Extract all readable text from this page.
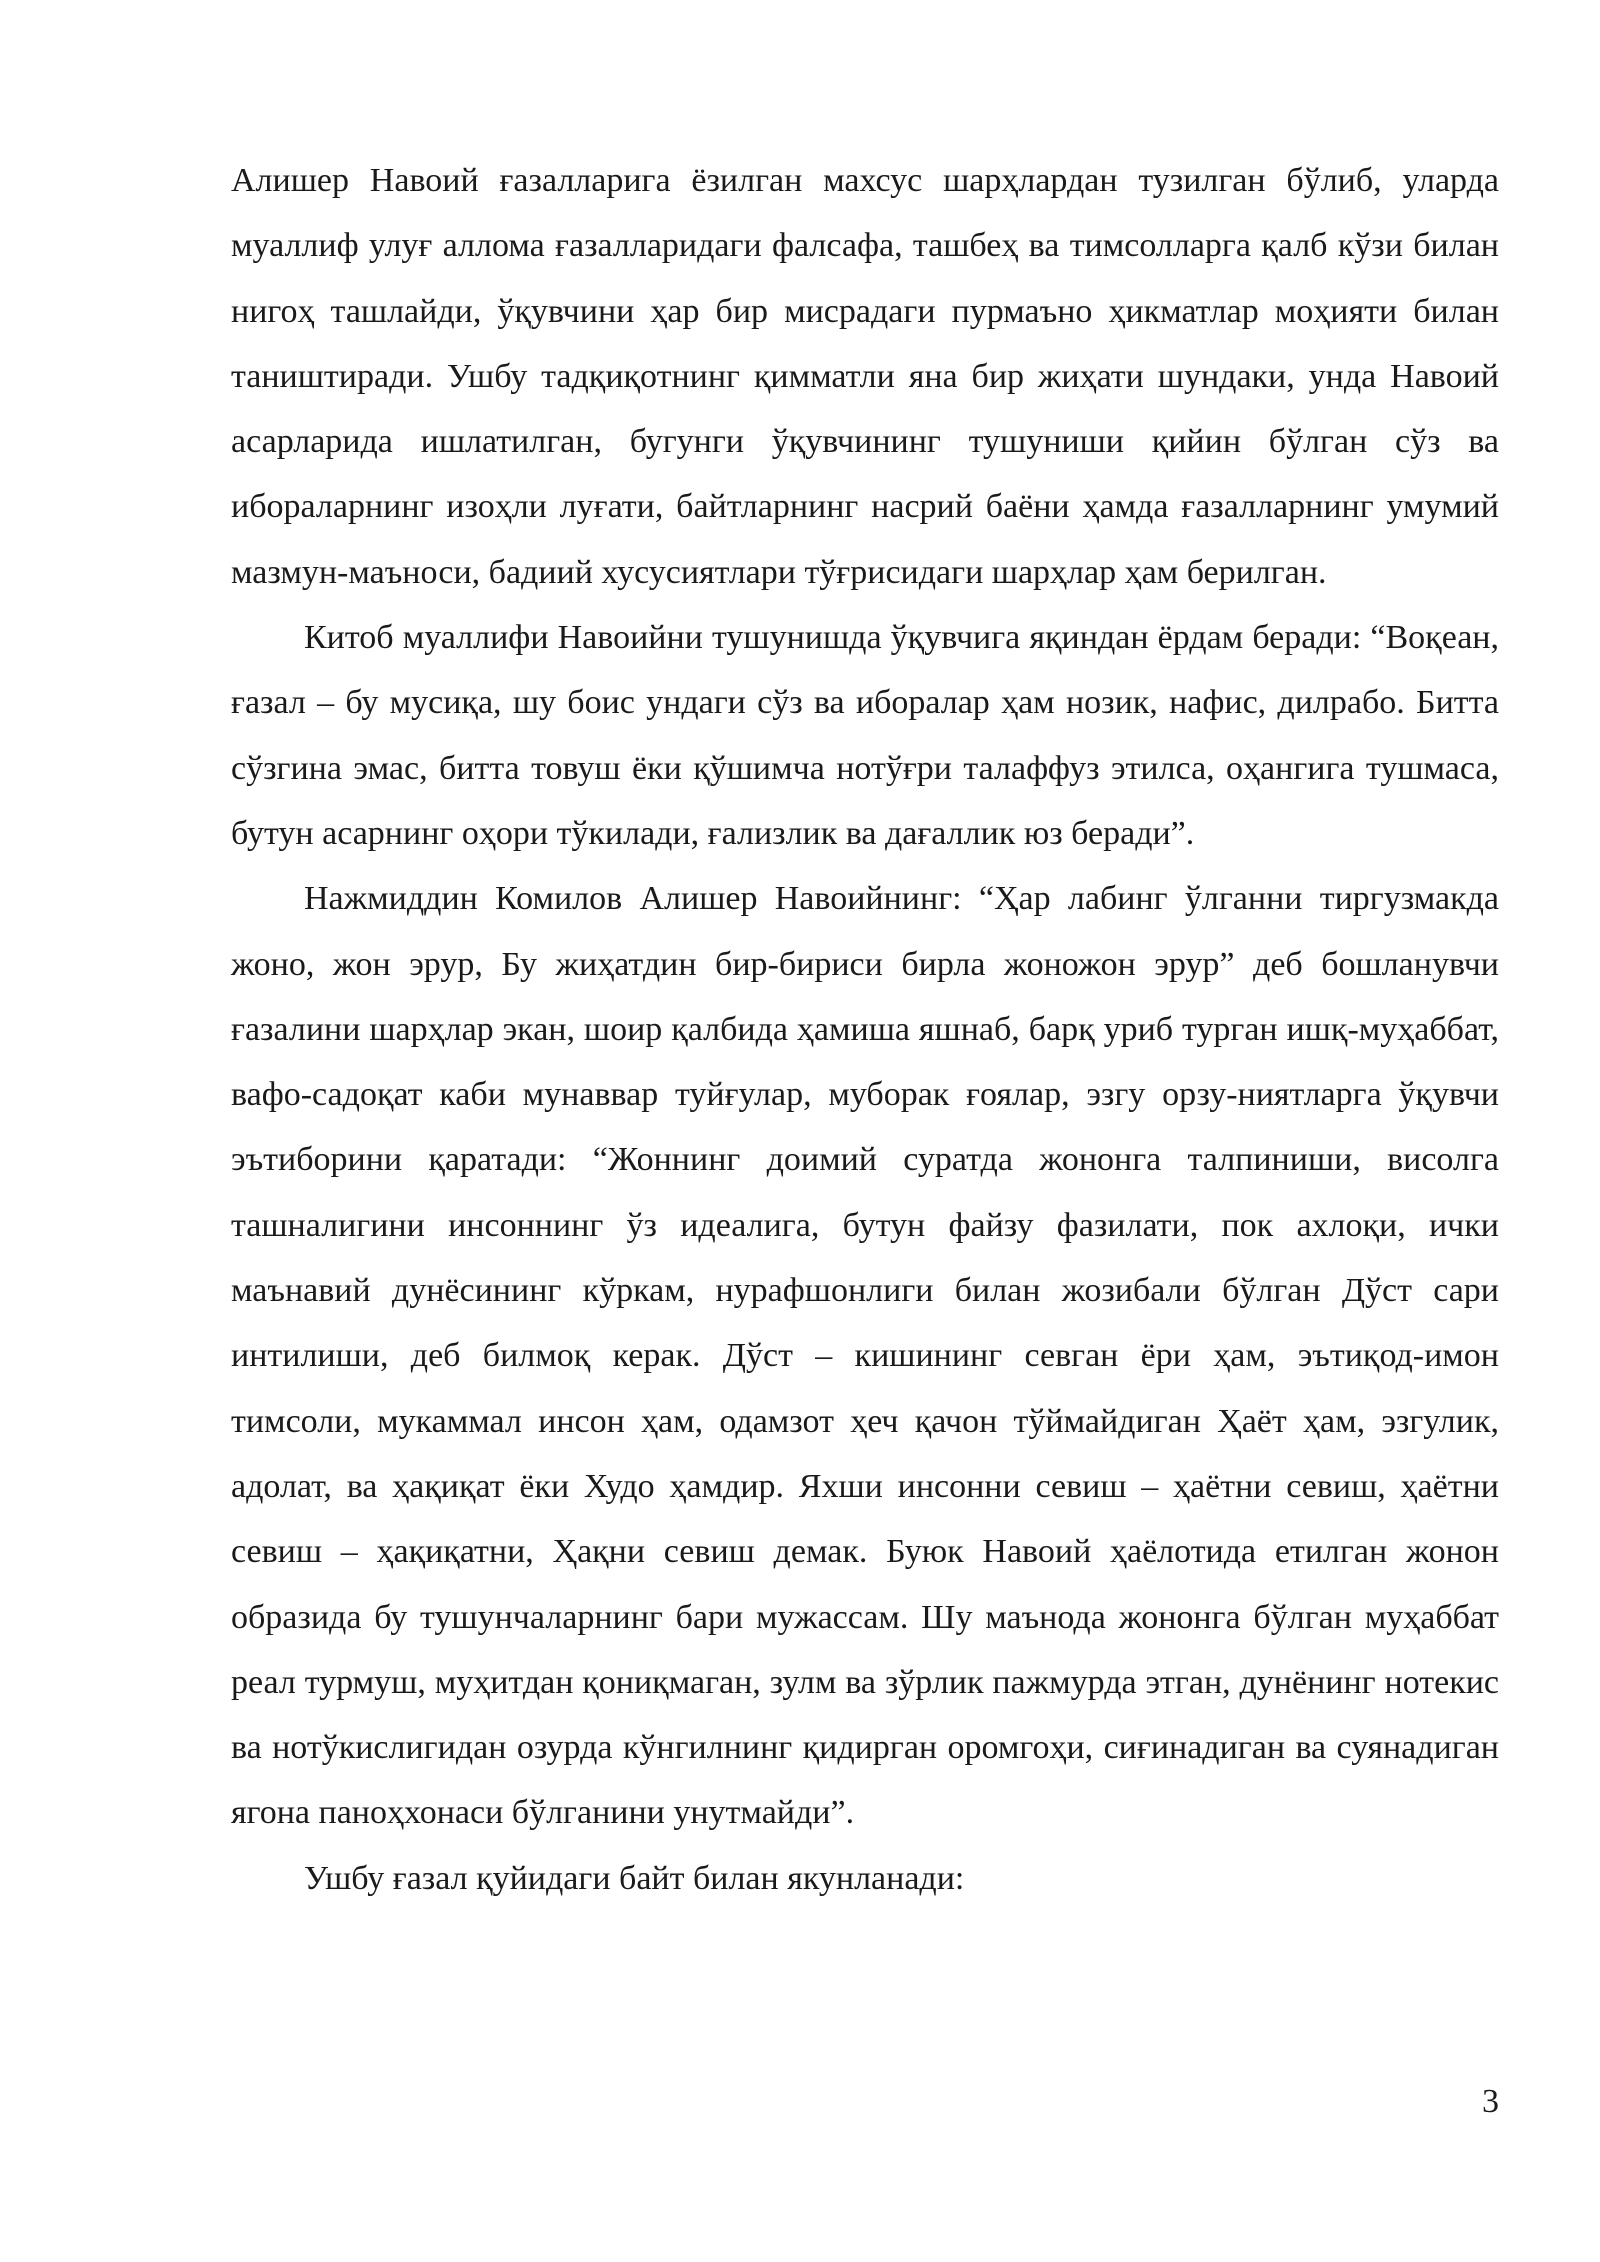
Алишер Навоий ғазалларига ёзилган махсус шарҳлардан тузилган бўлиб, уларда муаллиф улуғ аллома ғазалларидаги фалсафа, ташбеҳ ва тимсолларга қалб кўзи билан нигоҳ ташлайди, ўқувчини ҳар бир мисрадаги пурмаъно ҳикматлар моҳияти билан таништиради. Ушбу тадқиқотнинг қимматли яна бир жиҳати шундаки, унда Навоий асарларида ишлатилган, бугунги ўқувчининг тушуниши қийин бўлган сўз ва ибораларнинг изоҳли луғати, байтларнинг насрий баёни ҳамда ғазалларнинг умумий мазмун-маъноси, бадиий хусусиятлари тўғрисидаги шарҳлар ҳам берилган.

Китоб муаллифи Навоийни тушунишда ўқувчига яқиндан ёрдам беради: “Воқеан, ғазал – бу мусиқа, шу боис ундаги сўз ва иборалар ҳам нозик, нафис, дилрабо. Битта сўзгина эмас, битта товуш ёки қўшимча нотўғри талаффуз этилса, оҳангига тушмаса, бутун асарнинг оҳори тўкилади, ғализлик ва дағаллик юз беради”.

Нажмиддин Комилов Алишер Навоийнинг: “Ҳар лабинг ўлганни тиргузмакда жоно, жон эрур, Бу жиҳатдин бир-бириси бирла жоножон эрур” деб бошланувчи ғазалини шарҳлар экан, шоир қалбида ҳамиша яшнаб, барқ уриб турган ишқ-муҳаббат, вафо-садоқат каби мунаввар туйғулар, муборак ғоялар, эзгу орзу-ниятларга ўқувчи эътиборини қаратади: “Жоннинг доимий суратда жононга талпиниши, висолга ташналигини инсоннинг ўз идеалига, бутун файзу фазилати, пок ахлоқи, ички маънавий дунёсининг кўркам, нурафшонлиги билан жозибали бўлган Дўст сари интилиши, деб билмоқ керак. Дўст – кишининг севган ёри ҳам, эътиқод-имон тимсоли, мукаммал инсон ҳам, одамзот ҳеч қачон тўймайдиган Ҳаёт ҳам, эзгулик, адолат, ва ҳақиқат ёки Худо ҳамдир. Яхши инсонни севиш – ҳаётни севиш, ҳаётни севиш – ҳақиқатни, Ҳақни севиш демак. Буюк Навоий ҳаёлотида етилган жонон образида бу тушунчаларнинг бари мужассам. Шу маънода жононга бўлган муҳаббат реал турмуш, муҳитдан қониқмаган, зулм ва зўрлик пажмурда этган, дунёнинг нотекис ва нотўкислигидан озурда кўнгилнинг қидирган оромгоҳи, сиғинадиган ва суянадиган ягона паноҳхонаси бўлганини унутмайди”.

Ушбу ғазал қуйидаги байт билан якунланади:

3
